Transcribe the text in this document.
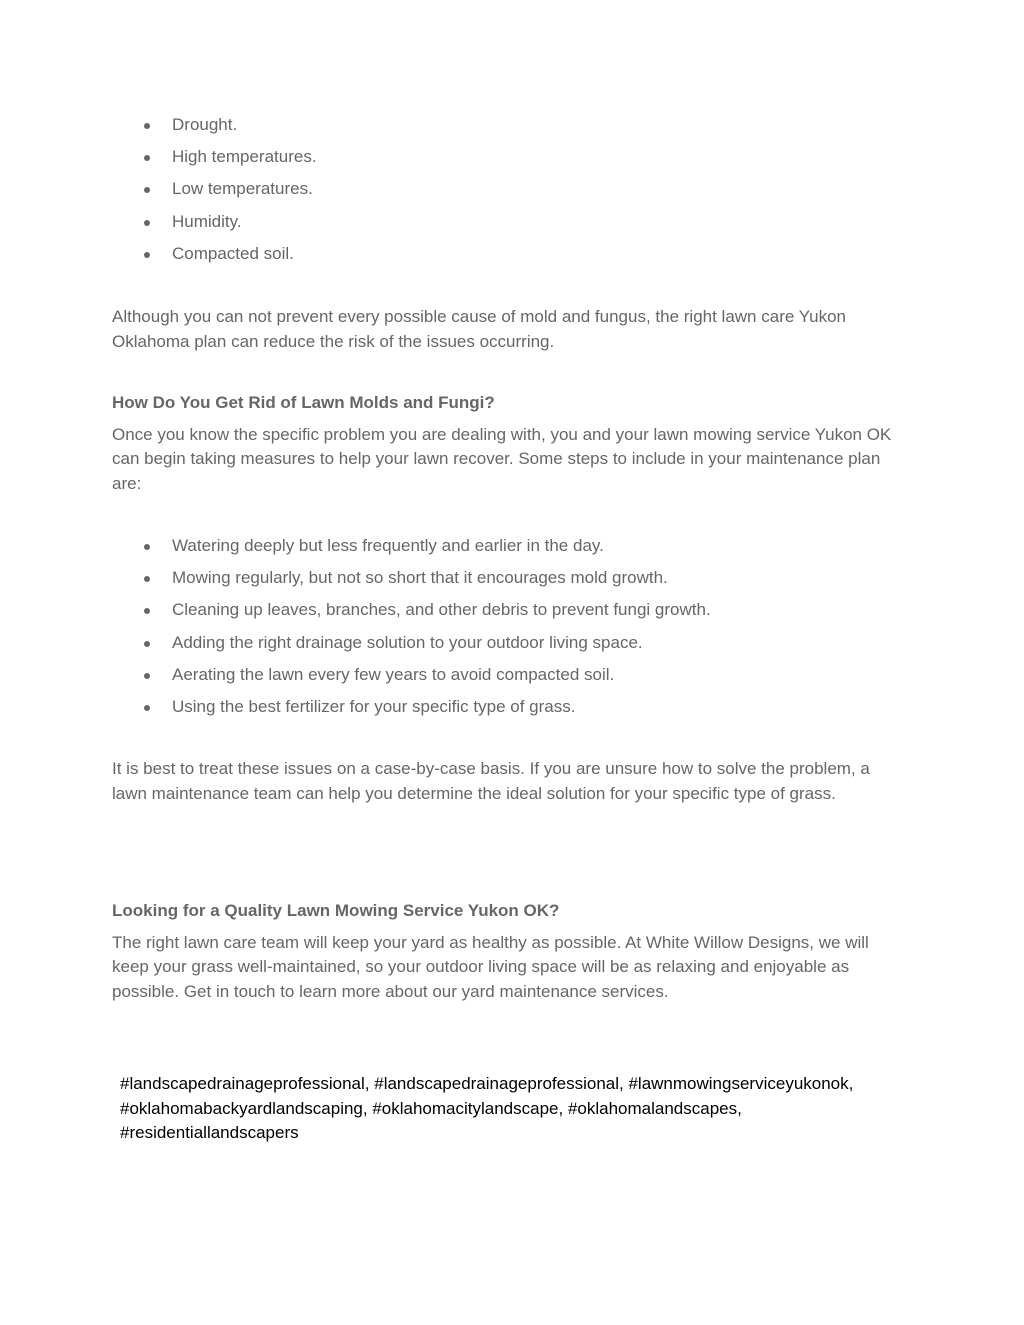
Drought.
High temperatures.
Low temperatures.
Humidity.
Compacted soil.

Although you can not prevent every possible cause of mold and fungus, the right lawn care Yukon Oklahoma plan can reduce the risk of the issues occurring.

How Do You Get Rid of Lawn Molds and Fungi?

Once you know the specific problem you are dealing with, you and your lawn mowing service Yukon OK can begin taking measures to help your lawn recover. Some steps to include in your maintenance plan are:

Watering deeply but less frequently and earlier in the day.
Mowing regularly, but not so short that it encourages mold growth.
Cleaning up leaves, branches, and other debris to prevent fungi growth.
Adding the right drainage solution to your outdoor living space.
Aerating the lawn every few years to avoid compacted soil.
Using the best fertilizer for your specific type of grass.

It is best to treat these issues on a case-by-case basis. If you are unsure how to solve the problem, a lawn maintenance team can help you determine the ideal solution for your specific type of grass.

Looking for a Quality Lawn Mowing Service Yukon OK?

The right lawn care team will keep your yard as healthy as possible. At White Willow Designs, we will keep your grass well-maintained, so your outdoor living space will be as relaxing and enjoyable as possible. Get in touch to learn more about our yard maintenance services.

#landscapedrainageprofessional, #landscapedrainageprofessional, #lawnmowingserviceyukonok, #oklahomabackyardlandscaping, #oklahomacitylandscape, #oklahomalandscapes, #residentiallandscapers
